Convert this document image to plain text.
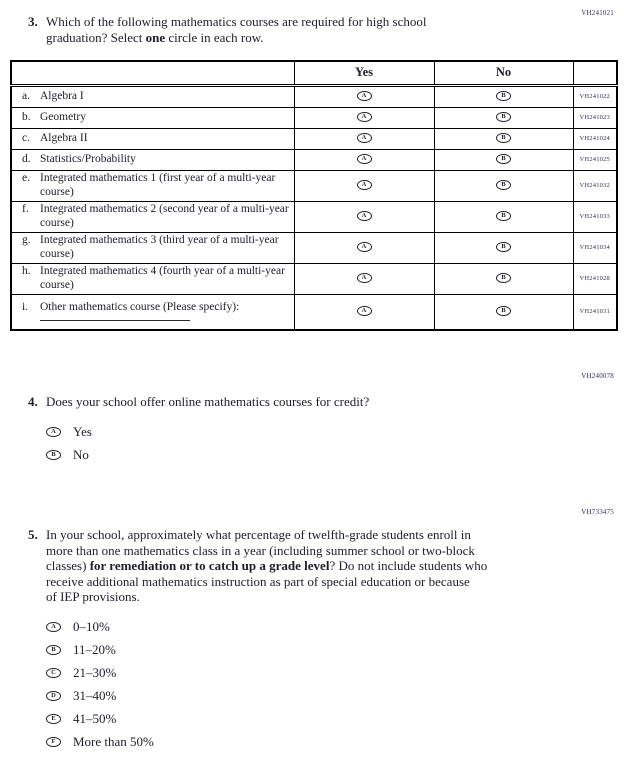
VH241021
3. Which of the following mathematics courses are required for high school
graduation? Select one circle in each row.
	Yes	No	

a. Algebra I	A	B	VH241022

b. Geometry	A	B	VH241023

c. Algebra II	A	B	VH241024

d. Statistics/Probability	A	B	VH241025

e. Integrated mathematics 1 (first year of a multi-year course)	A	B	VH241032

f. Integrated mathematics 2 (second year of a multi-year course)	A	B	VH241033

g. Integrated mathematics 3 (third year of a multi-year course)	A	B	VH241034

h. Integrated mathematics 4 (fourth year of a multi-year course)	A	B	VH241028

i. Other mathematics course (Please specify):	A	B	VH241031
VH240078
4. Does your school offer online mathematics courses for credit?
A	Yes
B	No
VH733475
5. In your school, approximately what percentage of twelfth-grade students enroll in
more than one mathematics class in a year (including summer school or two-block
classes) for remediation or to catch up a grade level? Do not include students who
receive additional mathematics instruction as part of special education or because
of IEP provisions.
A	0–10%
B	11–20%
C	21–30%
D	31–40%
E	41–50%
F	More than 50%
